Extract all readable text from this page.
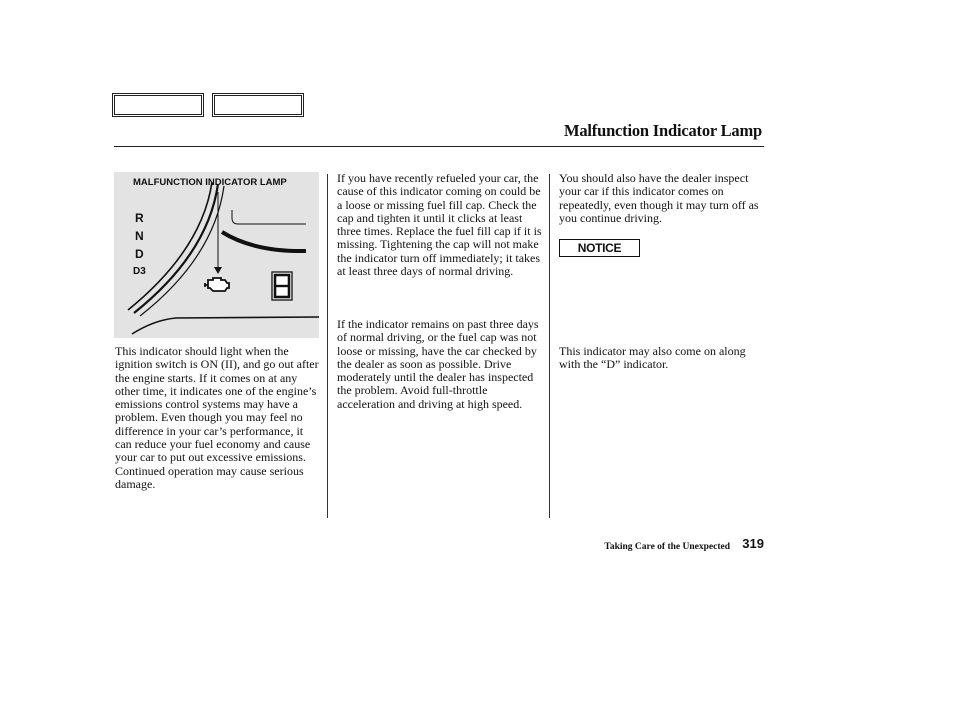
Malfunction Indicator Lamp
MALFUNCTION INDICATOR LAMP
R
N
D
D3

This indicator should light when the ignition switch is ON (II), and go out after the engine starts. If it comes on at any other time, it indicates one of the engine’s emissions control systems may have a problem. Even though you may feel no difference in your car’s performance, it can reduce your fuel economy and cause your car to put out excessive emissions. Continued operation may cause serious damage.

If you have recently refueled your car, the cause of this indicator coming on could be a loose or missing fuel fill cap. Check the cap and tighten it until it clicks at least three times. Replace the fuel fill cap if it is missing. Tightening the cap will not make the indicator turn off immediately; it takes at least three days of normal driving.

If the indicator remains on past three days of normal driving, or the fuel cap was not loose or missing, have the car checked by the dealer as soon as possible. Drive moderately until the dealer has inspected the problem. Avoid full-throttle acceleration and driving at high speed.

You should also have the dealer inspect your car if this indicator comes on repeatedly, even though it may turn off as you continue driving.

NOTICE

This indicator may also come on along with the “D” indicator.

Taking Care of the Unexpected 319
